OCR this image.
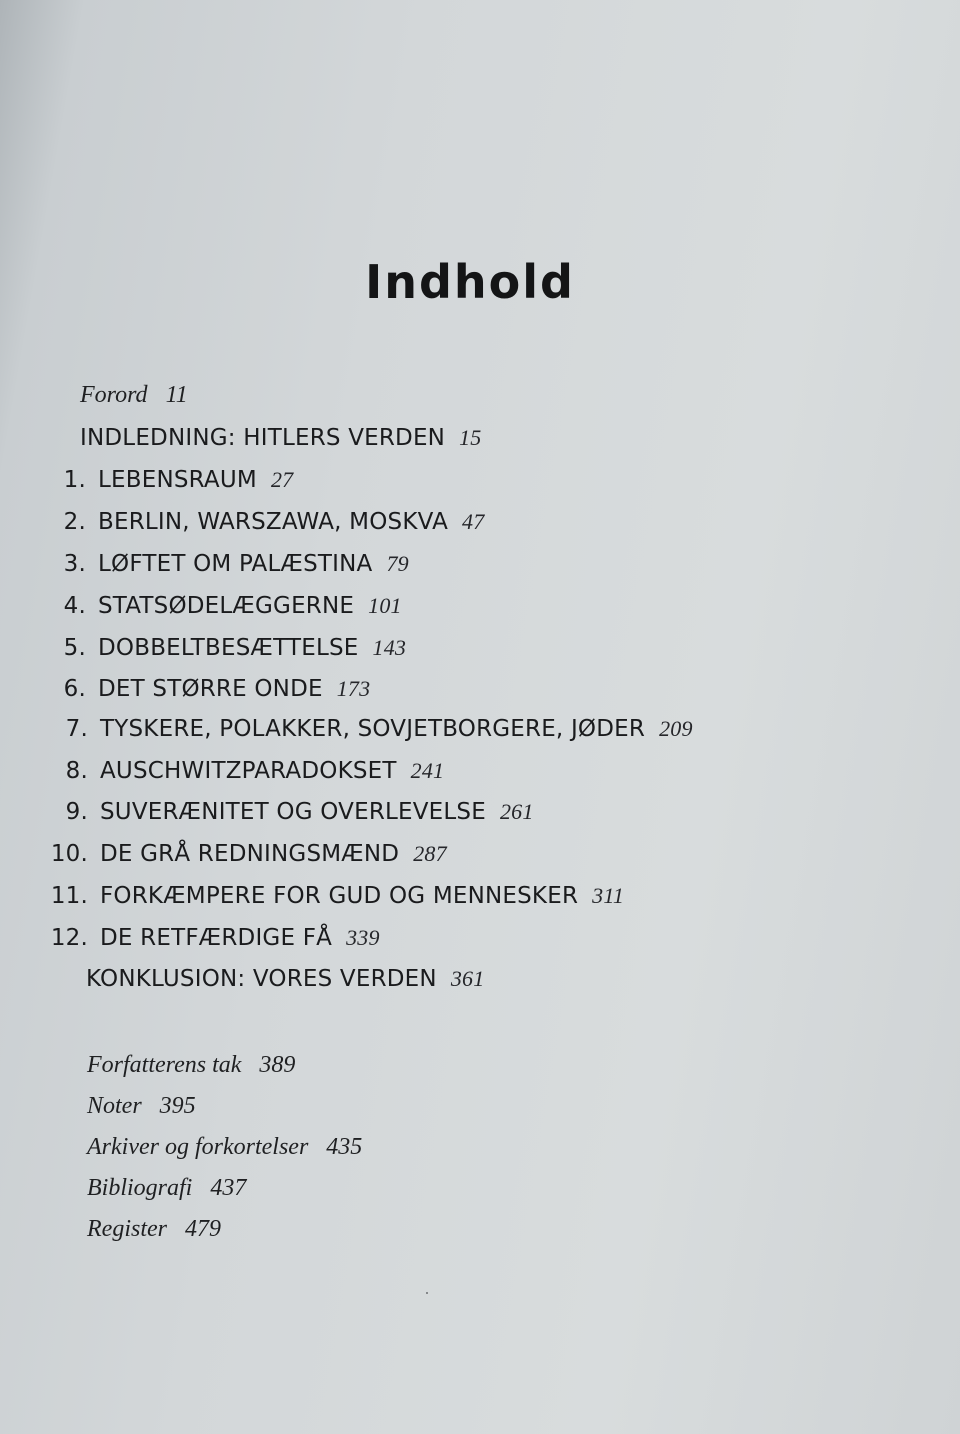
Indhold
Forord 11
INDLEDNING: HITLERS VERDEN 15
1. LEBENSRAUM 27
2. BERLIN, WARSZAWA, MOSKVA 47
3. LØFTET OM PALÆSTINA 79
4. STATSØDELÆGGERNE 101
5. DOBBELTBESÆTTELSE 143
6. DET STØRRE ONDE 173
7. TYSKERE, POLAKKER, SOVJETBORGERE, JØDER 209
8. AUSCHWITZPARADOKSET 241
9. SUVERÆNITET OG OVERLEVELSE 261
10. DE GRÅ REDNINGSMÆND 287
11. FORKÆMPERE FOR GUD OG MENNESKER 311
12. DE RETFÆRDIGE FÅ 339
KONKLUSION: VORES VERDEN 361
Forfatterens tak 389
Noter 395
Arkiver og forkortelser 435
Bibliografi 437
Register 479
